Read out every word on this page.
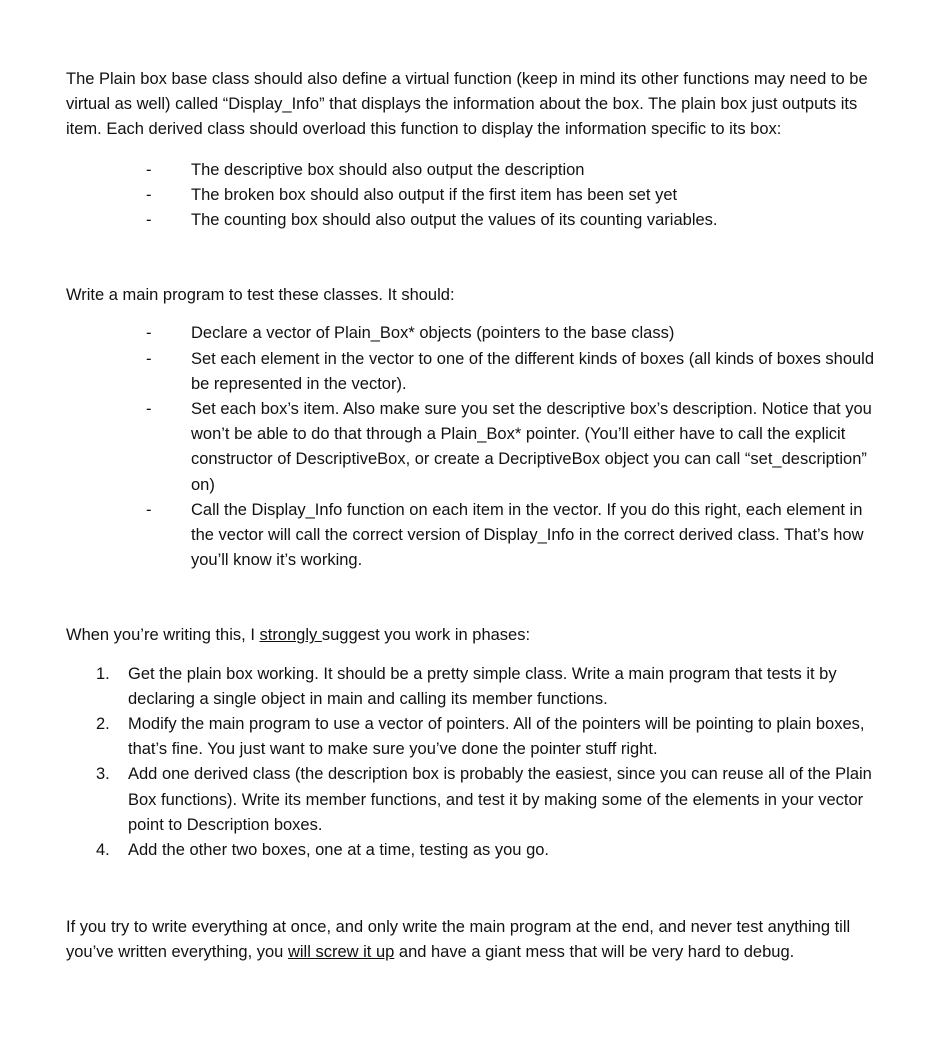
The Plain box base class should also define a virtual function (keep in mind its other functions may need to be virtual as well) called “Display_Info” that displays the information about the box. The plain box just outputs its item. Each derived class should overload this function to display the information specific to its box:

- The descriptive box should also output the description
- The broken box should also output if the first item has been set yet
- The counting box should also output the values of its counting variables.

Write a main program to test these classes. It should:

- Declare a vector of Plain_Box* objects (pointers to the base class)
- Set each element in the vector to one of the different kinds of boxes (all kinds of boxes should be represented in the vector).
- Set each box’s item. Also make sure you set the descriptive box’s description. Notice that you won’t be able to do that through a Plain_Box* pointer. (You’ll either have to call the explicit constructor of DescriptiveBox, or create a DecriptiveBox object you can call “set_description” on)
- Call the Display_Info function on each item in the vector. If you do this right, each element in the vector will call the correct version of Display_Info in the correct derived class. That’s how you’ll know it’s working.

When you’re writing this, I strongly suggest you work in phases:

1. Get the plain box working. It should be a pretty simple class. Write a main program that tests it by declaring a single object in main and calling its member functions.
2. Modify the main program to use a vector of pointers. All of the pointers will be pointing to plain boxes, that’s fine. You just want to make sure you’ve done the pointer stuff right.
3. Add one derived class (the description box is probably the easiest, since you can reuse all of the Plain Box functions). Write its member functions, and test it by making some of the elements in your vector point to Description boxes.
4. Add the other two boxes, one at a time, testing as you go.

If you try to write everything at once, and only write the main program at the end, and never test anything till you’ve written everything, you will screw it up and have a giant mess that will be very hard to debug.
